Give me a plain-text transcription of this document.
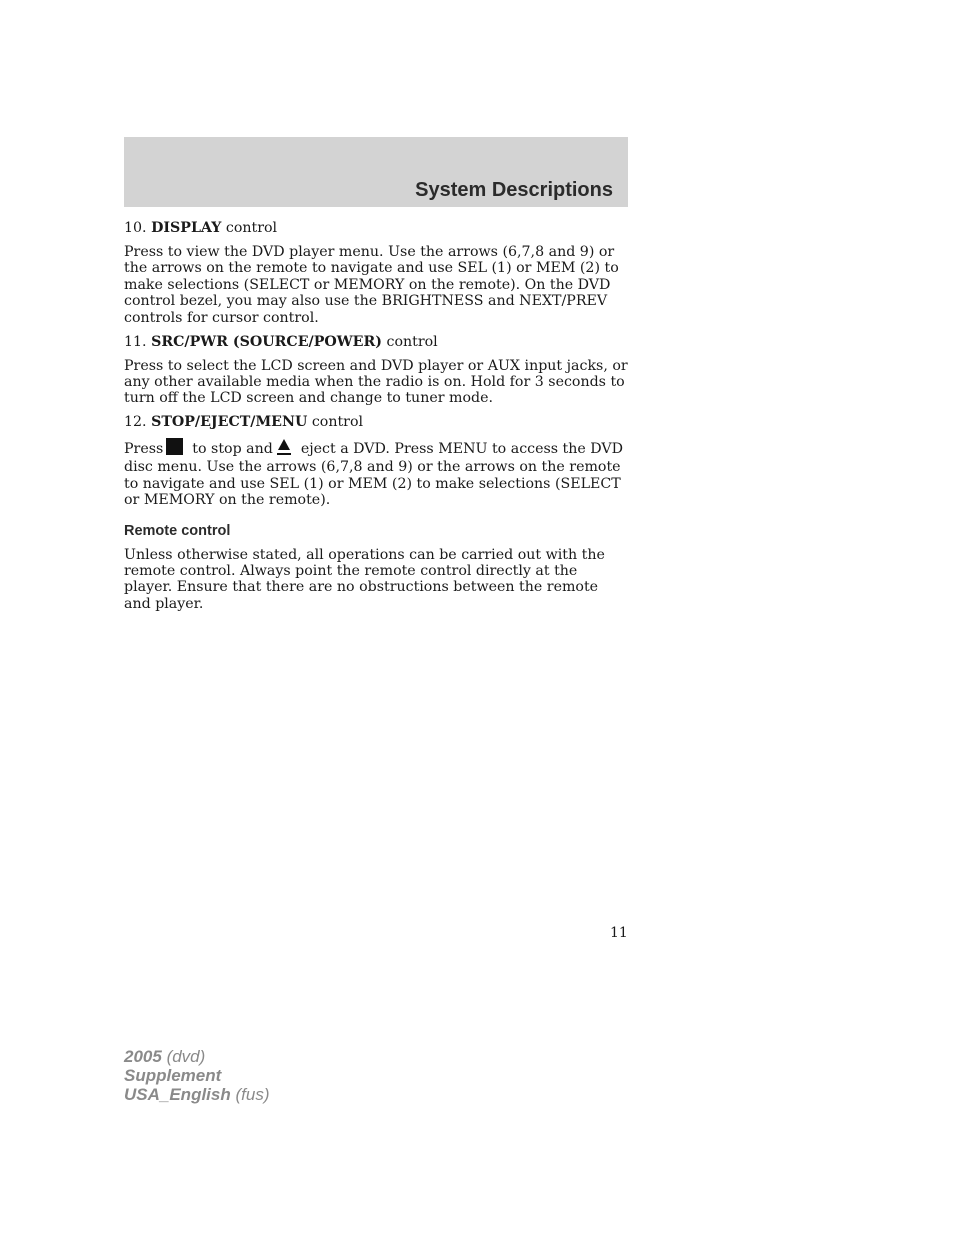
System Descriptions

10. DISPLAY control

Press to view the DVD player menu. Use the arrows (6,7,8 and 9) or the arrows on the remote to navigate and use SEL (1) or MEM (2) to make selections (SELECT or MEMORY on the remote). On the DVD control bezel, you may also use the BRIGHTNESS and NEXT/PREV controls for cursor control.

11. SRC/PWR (SOURCE/POWER) control

Press to select the LCD screen and DVD player or AUX input jacks, or any other available media when the radio is on. Hold for 3 seconds to turn off the LCD screen and change to tuner mode.

12. STOP/EJECT/MENU control

Press to stop and eject a DVD. Press MENU to access the DVD disc menu. Use the arrows (6,7,8 and 9) or the arrows on the remote to navigate and use SEL (1) or MEM (2) to make selections (SELECT or MEMORY on the remote).

Remote control

Unless otherwise stated, all operations can be carried out with the remote control. Always point the remote control directly at the player. Ensure that there are no obstructions between the remote and player.

11

2005 (dvd)
Supplement
USA_English (fus)
